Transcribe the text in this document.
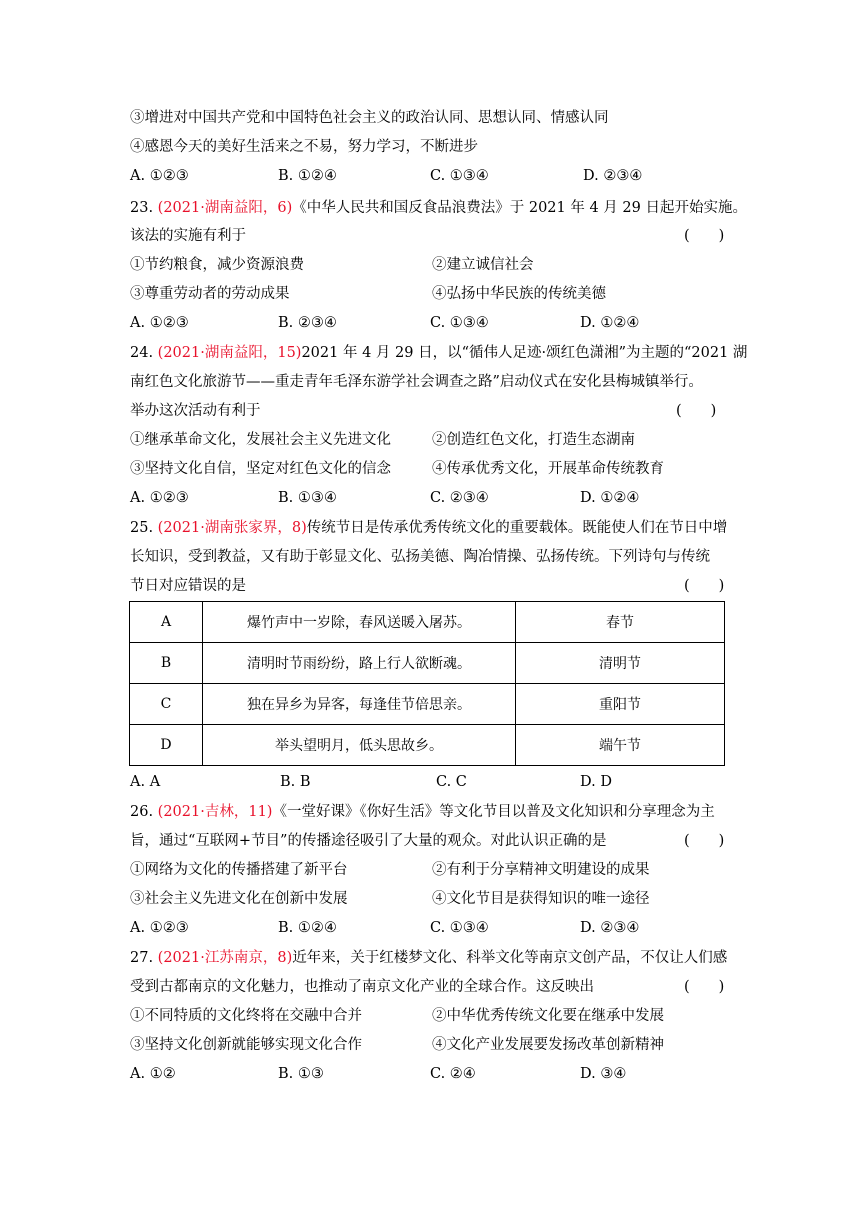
③增进对中国共产党和中国特色社会主义的政治认同、思想认同、情感认同
④感恩今天的美好生活来之不易，努力学习，不断进步
A. ①②③	B. ①②④	C. ①③④	D. ②③④
23. (2021·湖南益阳，6)《中华人民共和国反食品浪费法》于 2021 年 4 月 29 日起开始实施。
该法的实施有利于	(　　)
①节约粮食，减少资源浪费	②建立诚信社会
③尊重劳动者的劳动成果	④弘扬中华民族的传统美德
A. ①②③	B. ②③④	C. ①③④	D. ①②④
24. (2021·湖南益阳，15)2021 年 4 月 29 日，以“循伟人足迹·颂红色潇湘”为主题的“2021 湖
南红色文化旅游节——重走青年毛泽东游学社会调查之路”启动仪式在安化县梅城镇举行。
举办这次活动有利于	(　　)
①继承革命文化，发展社会主义先进文化	②创造红色文化，打造生态湖南
③坚持文化自信，坚定对红色文化的信念	④传承优秀文化，开展革命传统教育
A. ①②③	B. ①③④	C. ②③④	D. ①②④
25. (2021·湖南张家界，8)传统节日是传承优秀传统文化的重要载体。既能使人们在节日中增
长知识，受到教益，又有助于彰显文化、弘扬美德、陶冶情操、弘扬传统。下列诗句与传统
节日对应错误的是	(　　)
A	爆竹声中一岁除，春风送暖入屠苏。	春节
B	清明时节雨纷纷，路上行人欲断魂。	清明节
C	独在异乡为异客，每逢佳节倍思亲。	重阳节
D	举头望明月，低头思故乡。	端午节
A. A	B. B	C. C	D. D
26. (2021·吉林，11)《一堂好课》《你好生活》等文化节目以普及文化知识和分享理念为主
旨，通过“互联网+节目”的传播途径吸引了大量的观众。对此认识正确的是	(　　)
①网络为文化的传播搭建了新平台	②有利于分享精神文明建设的成果
③社会主义先进文化在创新中发展	④文化节目是获得知识的唯一途径
A. ①②③	B. ①②④	C. ①③④	D. ②③④
27. (2021·江苏南京，8)近年来，关于红楼梦文化、科举文化等南京文创产品，不仅让人们感
受到古都南京的文化魅力，也推动了南京文化产业的全球合作。这反映出	(　　)
①不同特质的文化终将在交融中合并	②中华优秀传统文化要在继承中发展
③坚持文化创新就能够实现文化合作	④文化产业发展要发扬改革创新精神
A. ①②	B. ①③	C. ②④	D. ③④
